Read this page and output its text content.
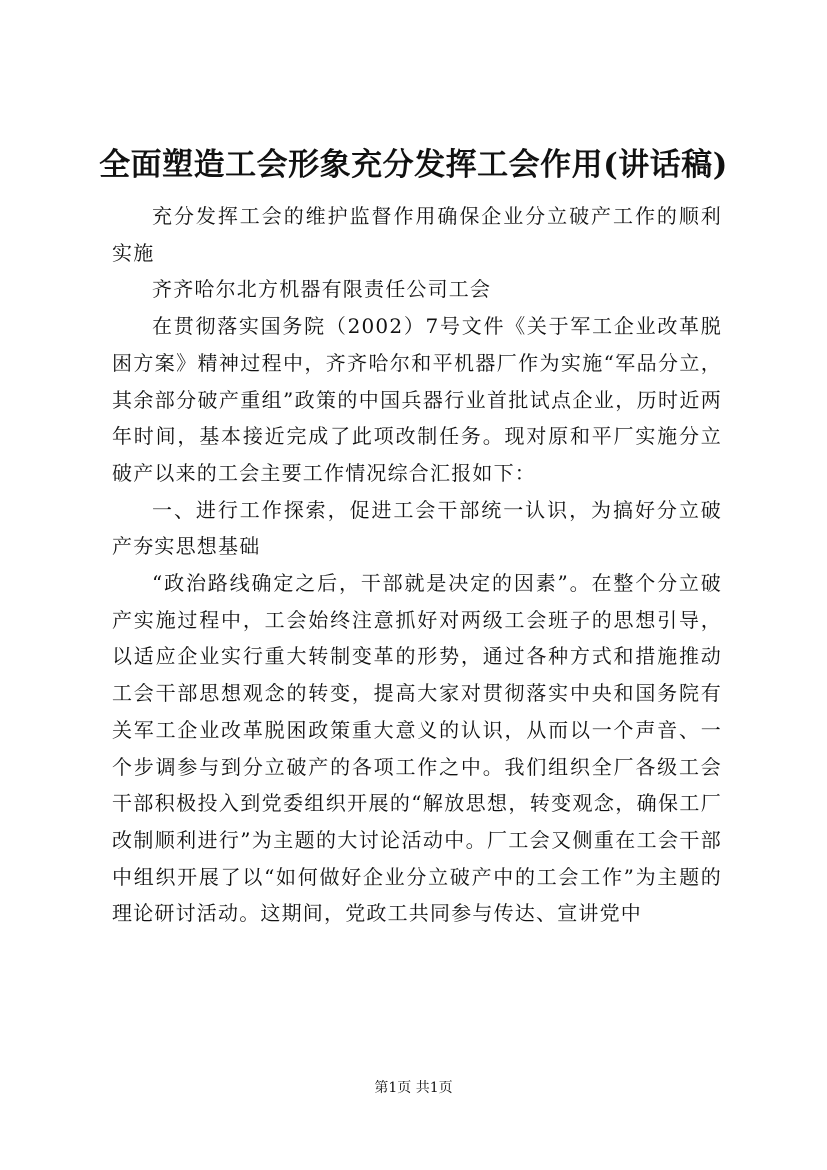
全面塑造工会形象充分发挥工会作用(讲话稿)

充分发挥工会的维护监督作用确保企业分立破产工作的顺利实施

齐齐哈尔北方机器有限责任公司工会

在贯彻落实国务院（2002）7号文件《关于军工企业改革脱困方案》精神过程中，齐齐哈尔和平机器厂作为实施“军品分立，其余部分破产重组”政策的中国兵器行业首批试点企业，历时近两年时间，基本接近完成了此项改制任务。现对原和平厂实施分立破产以来的工会主要工作情况综合汇报如下：

一、进行工作探索，促进工会干部统一认识，为搞好分立破产夯实思想基础

“政治路线确定之后，干部就是决定的因素”。在整个分立破产实施过程中，工会始终注意抓好对两级工会班子的思想引导，以适应企业实行重大转制变革的形势，通过各种方式和措施推动工会干部思想观念的转变，提高大家对贯彻落实中央和国务院有关军工企业改革脱困政策重大意义的认识，从而以一个声音、一个步调参与到分立破产的各项工作之中。我们组织全厂各级工会干部积极投入到党委组织开展的“解放思想，转变观念，确保工厂改制顺利进行”为主题的大讨论活动中。厂工会又侧重在工会干部中组织开展了以“如何做好企业分立破产中的工会工作”为主题的理论研讨活动。这期间，党政工共同参与传达、宣讲党中

第1页 共1页
